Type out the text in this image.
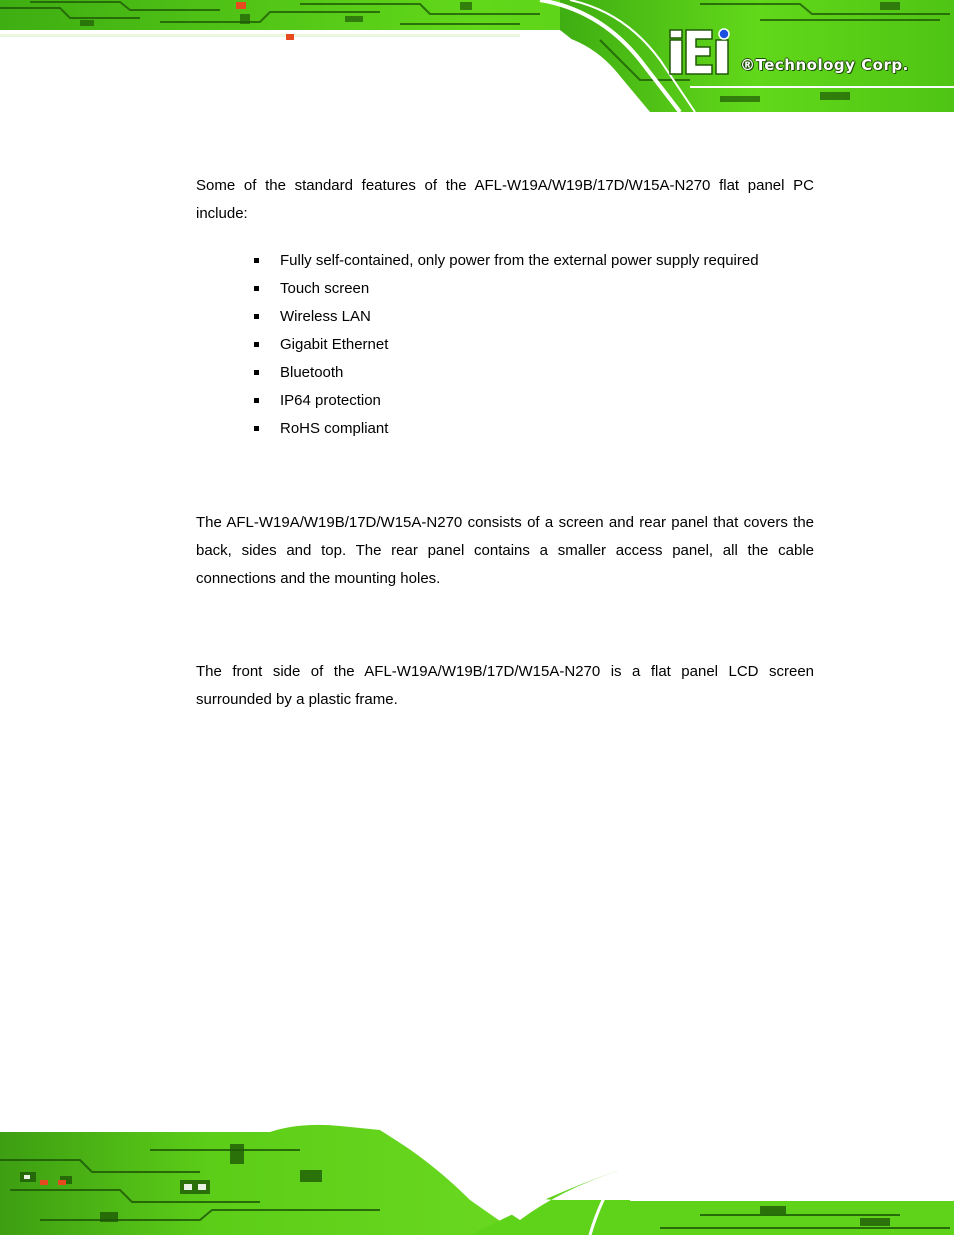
®Technology Corp.

Some of the standard features of the AFL-W19A/W19B/17D/W15A-N270 flat panel PC include:

Fully self-contained, only power from the external power supply required
Touch screen
Wireless LAN
Gigabit Ethernet
Bluetooth
IP64 protection
RoHS compliant

The AFL-W19A/W19B/17D/W15A-N270 consists of a screen and rear panel that covers the back, sides and top. The rear panel contains a smaller access panel, all the cable connections and the mounting holes.

The front side of the AFL-W19A/W19B/17D/W15A-N270 is a flat panel LCD screen surrounded by a plastic frame.
